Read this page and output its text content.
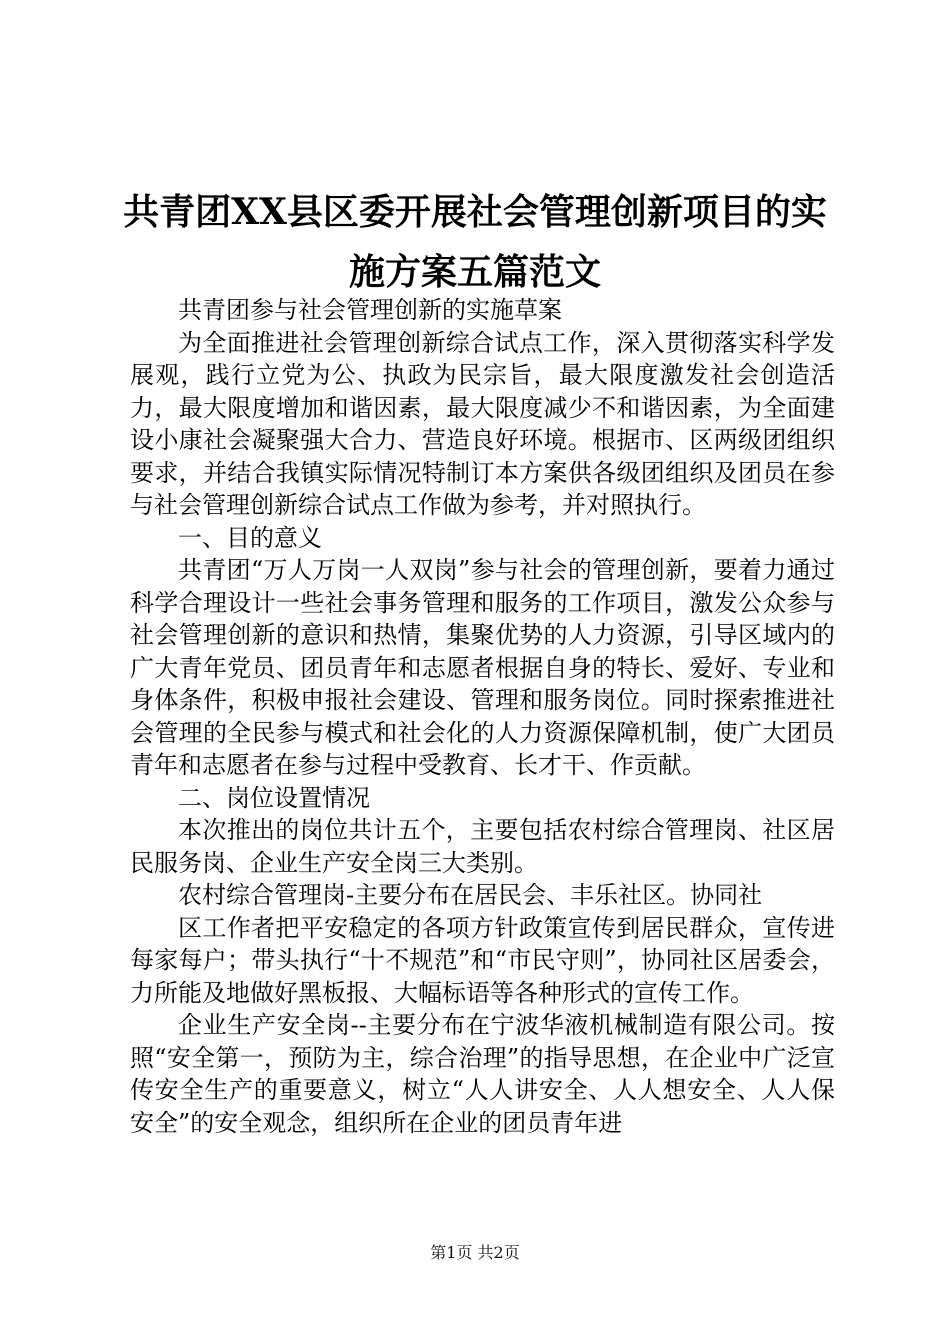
共青团XX县区委开展社会管理创新项目的实
施方案五篇范文

共青团参与社会管理创新的实施草案

为全面推进社会管理创新综合试点工作，深入贯彻落实科学发展观，践行立党为公、执政为民宗旨，最大限度激发社会创造活力，最大限度增加和谐因素，最大限度减少不和谐因素，为全面建设小康社会凝聚强大合力、营造良好环境。根据市、区两级团组织要求，并结合我镇实际情况特制订本方案供各级团组织及团员在参与社会管理创新综合试点工作做为参考，并对照执行。

一、目的意义

共青团“万人万岗一人双岗”参与社会的管理创新，要着力通过科学合理设计一些社会事务管理和服务的工作项目，激发公众参与社会管理创新的意识和热情，集聚优势的人力资源，引导区域内的广大青年党员、团员青年和志愿者根据自身的特长、爱好、专业和身体条件，积极申报社会建设、管理和服务岗位。同时探索推进社会管理的全民参与模式和社会化的人力资源保障机制，使广大团员青年和志愿者在参与过程中受教育、长才干、作贡献。

二、岗位设置情况

本次推出的岗位共计五个，主要包括农村综合管理岗、社区居民服务岗、企业生产安全岗三大类别。

农村综合管理岗-主要分布在居民会、丰乐社区。协同社

区工作者把平安稳定的各项方针政策宣传到居民群众，宣传进每家每户；带头执行“十不规范”和“市民守则”，协同社区居委会，力所能及地做好黑板报、大幅标语等各种形式的宣传工作。

企业生产安全岗--主要分布在宁波华液机械制造有限公司。按照“安全第一，预防为主，综合治理”的指导思想，在企业中广泛宣传安全生产的重要意义，树立“人人讲安全、人人想安全、人人保安全”的安全观念，组织所在企业的团员青年进

第1页 共2页
